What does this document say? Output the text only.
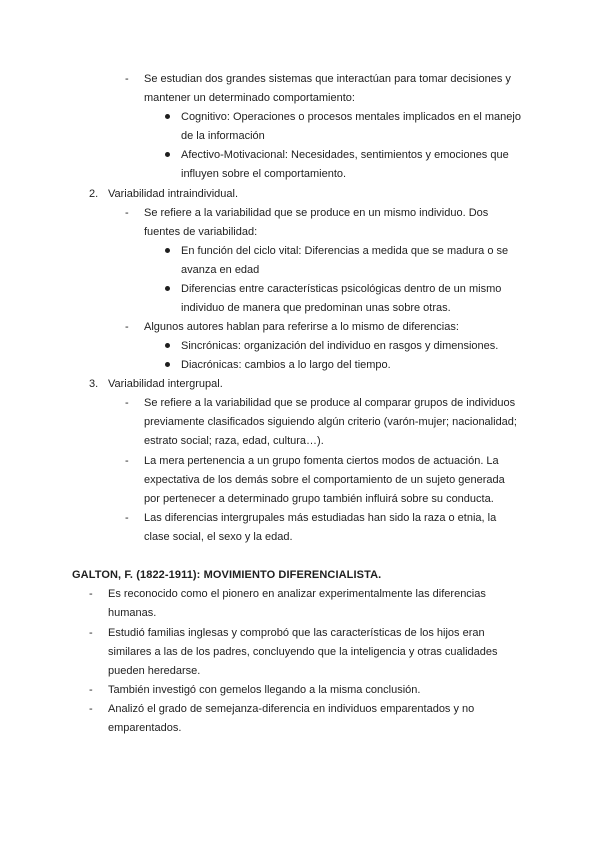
- Se estudian dos grandes sistemas que interactúan para tomar decisiones y
mantener un determinado comportamiento:
Cognitivo: Operaciones o procesos mentales implicados en el manejo
de la información
Afectivo-Motivacional: Necesidades, sentimientos y emociones que
influyen sobre el comportamiento.
2. Variabilidad intraindividual.
- Se refiere a la variabilidad que se produce en un mismo individuo. Dos
fuentes de variabilidad:
En función del ciclo vital: Diferencias a medida que se madura o se
avanza en edad
Diferencias entre características psicológicas dentro de un mismo
individuo de manera que predominan unas sobre otras.
- Algunos autores hablan para referirse a lo mismo de diferencias:
Sincrónicas: organización del individuo en rasgos y dimensiones.
Diacrónicas: cambios a lo largo del tiempo.
3. Variabilidad intergrupal.
- Se refiere a la variabilidad que se produce al comparar grupos de individuos
previamente clasificados siguiendo algún criterio (varón-mujer; nacionalidad;
estrato social; raza, edad, cultura…).
- La mera pertenencia a un grupo fomenta ciertos modos de actuación. La
expectativa de los demás sobre el comportamiento de un sujeto generada
por pertenecer a determinado grupo también influirá sobre su conducta.
- Las diferencias intergrupales más estudiadas han sido la raza o etnia, la
clase social, el sexo y la edad.
GALTON, F. (1822-1911): MOVIMIENTO DIFERENCIALISTA.
- Es reconocido como el pionero en analizar experimentalmente las diferencias
humanas.
- Estudió familias inglesas y comprobó que las características de los hijos eran
similares a las de los padres, concluyendo que la inteligencia y otras cualidades
pueden heredarse.
- También investigó con gemelos llegando a la misma conclusión.
- Analizó el grado de semejanza-diferencia en individuos emparentados y no
emparentados.
